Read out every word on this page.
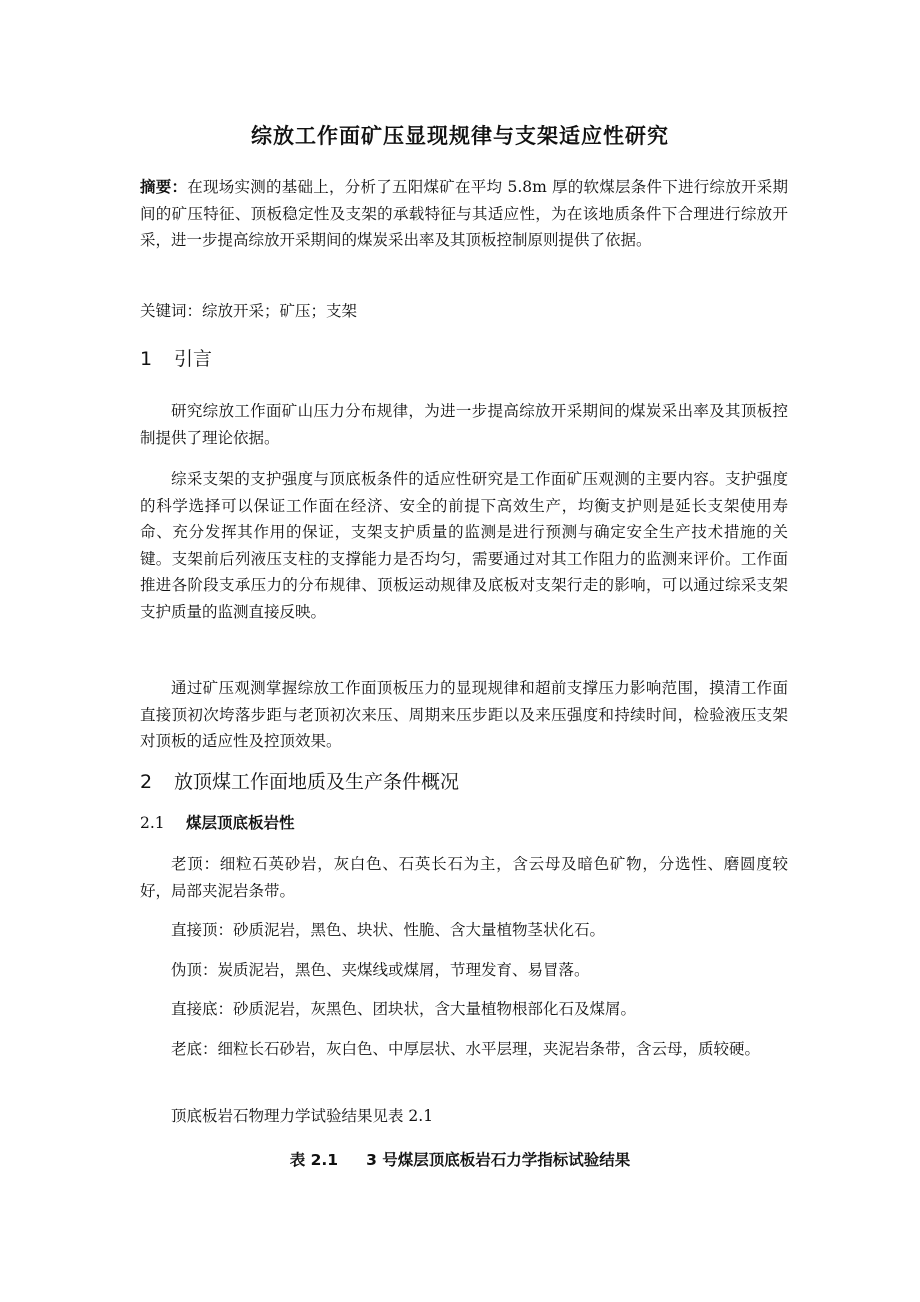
综放工作面矿压显现规律与支架适应性研究
摘要：在现场实测的基础上，分析了五阳煤矿在平均 5.8m 厚的软煤层条件下进行综放开采期间的矿压特征、顶板稳定性及支架的承载特征与其适应性，为在该地质条件下合理进行综放开采，进一步提高综放开采期间的煤炭采出率及其顶板控制原则提供了依据。
关键词：综放开采；矿压；支架
1 引言
研究综放工作面矿山压力分布规律，为进一步提高综放开采期间的煤炭采出率及其顶板控制提供了理论依据。
综采支架的支护强度与顶底板条件的适应性研究是工作面矿压观测的主要内容。支护强度的科学选择可以保证工作面在经济、安全的前提下高效生产，均衡支护则是延长支架使用寿命、充分发挥其作用的保证，支架支护质量的监测是进行预测与确定安全生产技术措施的关键。支架前后列液压支柱的支撑能力是否均匀，需要通过对其工作阻力的监测来评价。工作面推进各阶段支承压力的分布规律、顶板运动规律及底板对支架行走的影响，可以通过综采支架支护质量的监测直接反映。
通过矿压观测掌握综放工作面顶板压力的显现规律和超前支撑压力影响范围，摸清工作面直接顶初次垮落步距与老顶初次来压、周期来压步距以及来压强度和持续时间，检验液压支架对顶板的适应性及控顶效果。
2 放顶煤工作面地质及生产条件概况
2.1 煤层顶底板岩性
老顶：细粒石英砂岩，灰白色、石英长石为主，含云母及暗色矿物，分选性、磨圆度较好，局部夹泥岩条带。
直接顶：砂质泥岩，黑色、块状、性脆、含大量植物茎状化石。
伪顶：炭质泥岩，黑色、夹煤线或煤屑，节理发育、易冒落。
直接底：砂质泥岩，灰黑色、团块状，含大量植物根部化石及煤屑。
老底：细粒长石砂岩，灰白色、中厚层状、水平层理，夹泥岩条带，含云母，质较硬。
顶底板岩石物理力学试验结果见表 2.1
表 2.1 3 号煤层顶底板岩石力学指标试验结果
